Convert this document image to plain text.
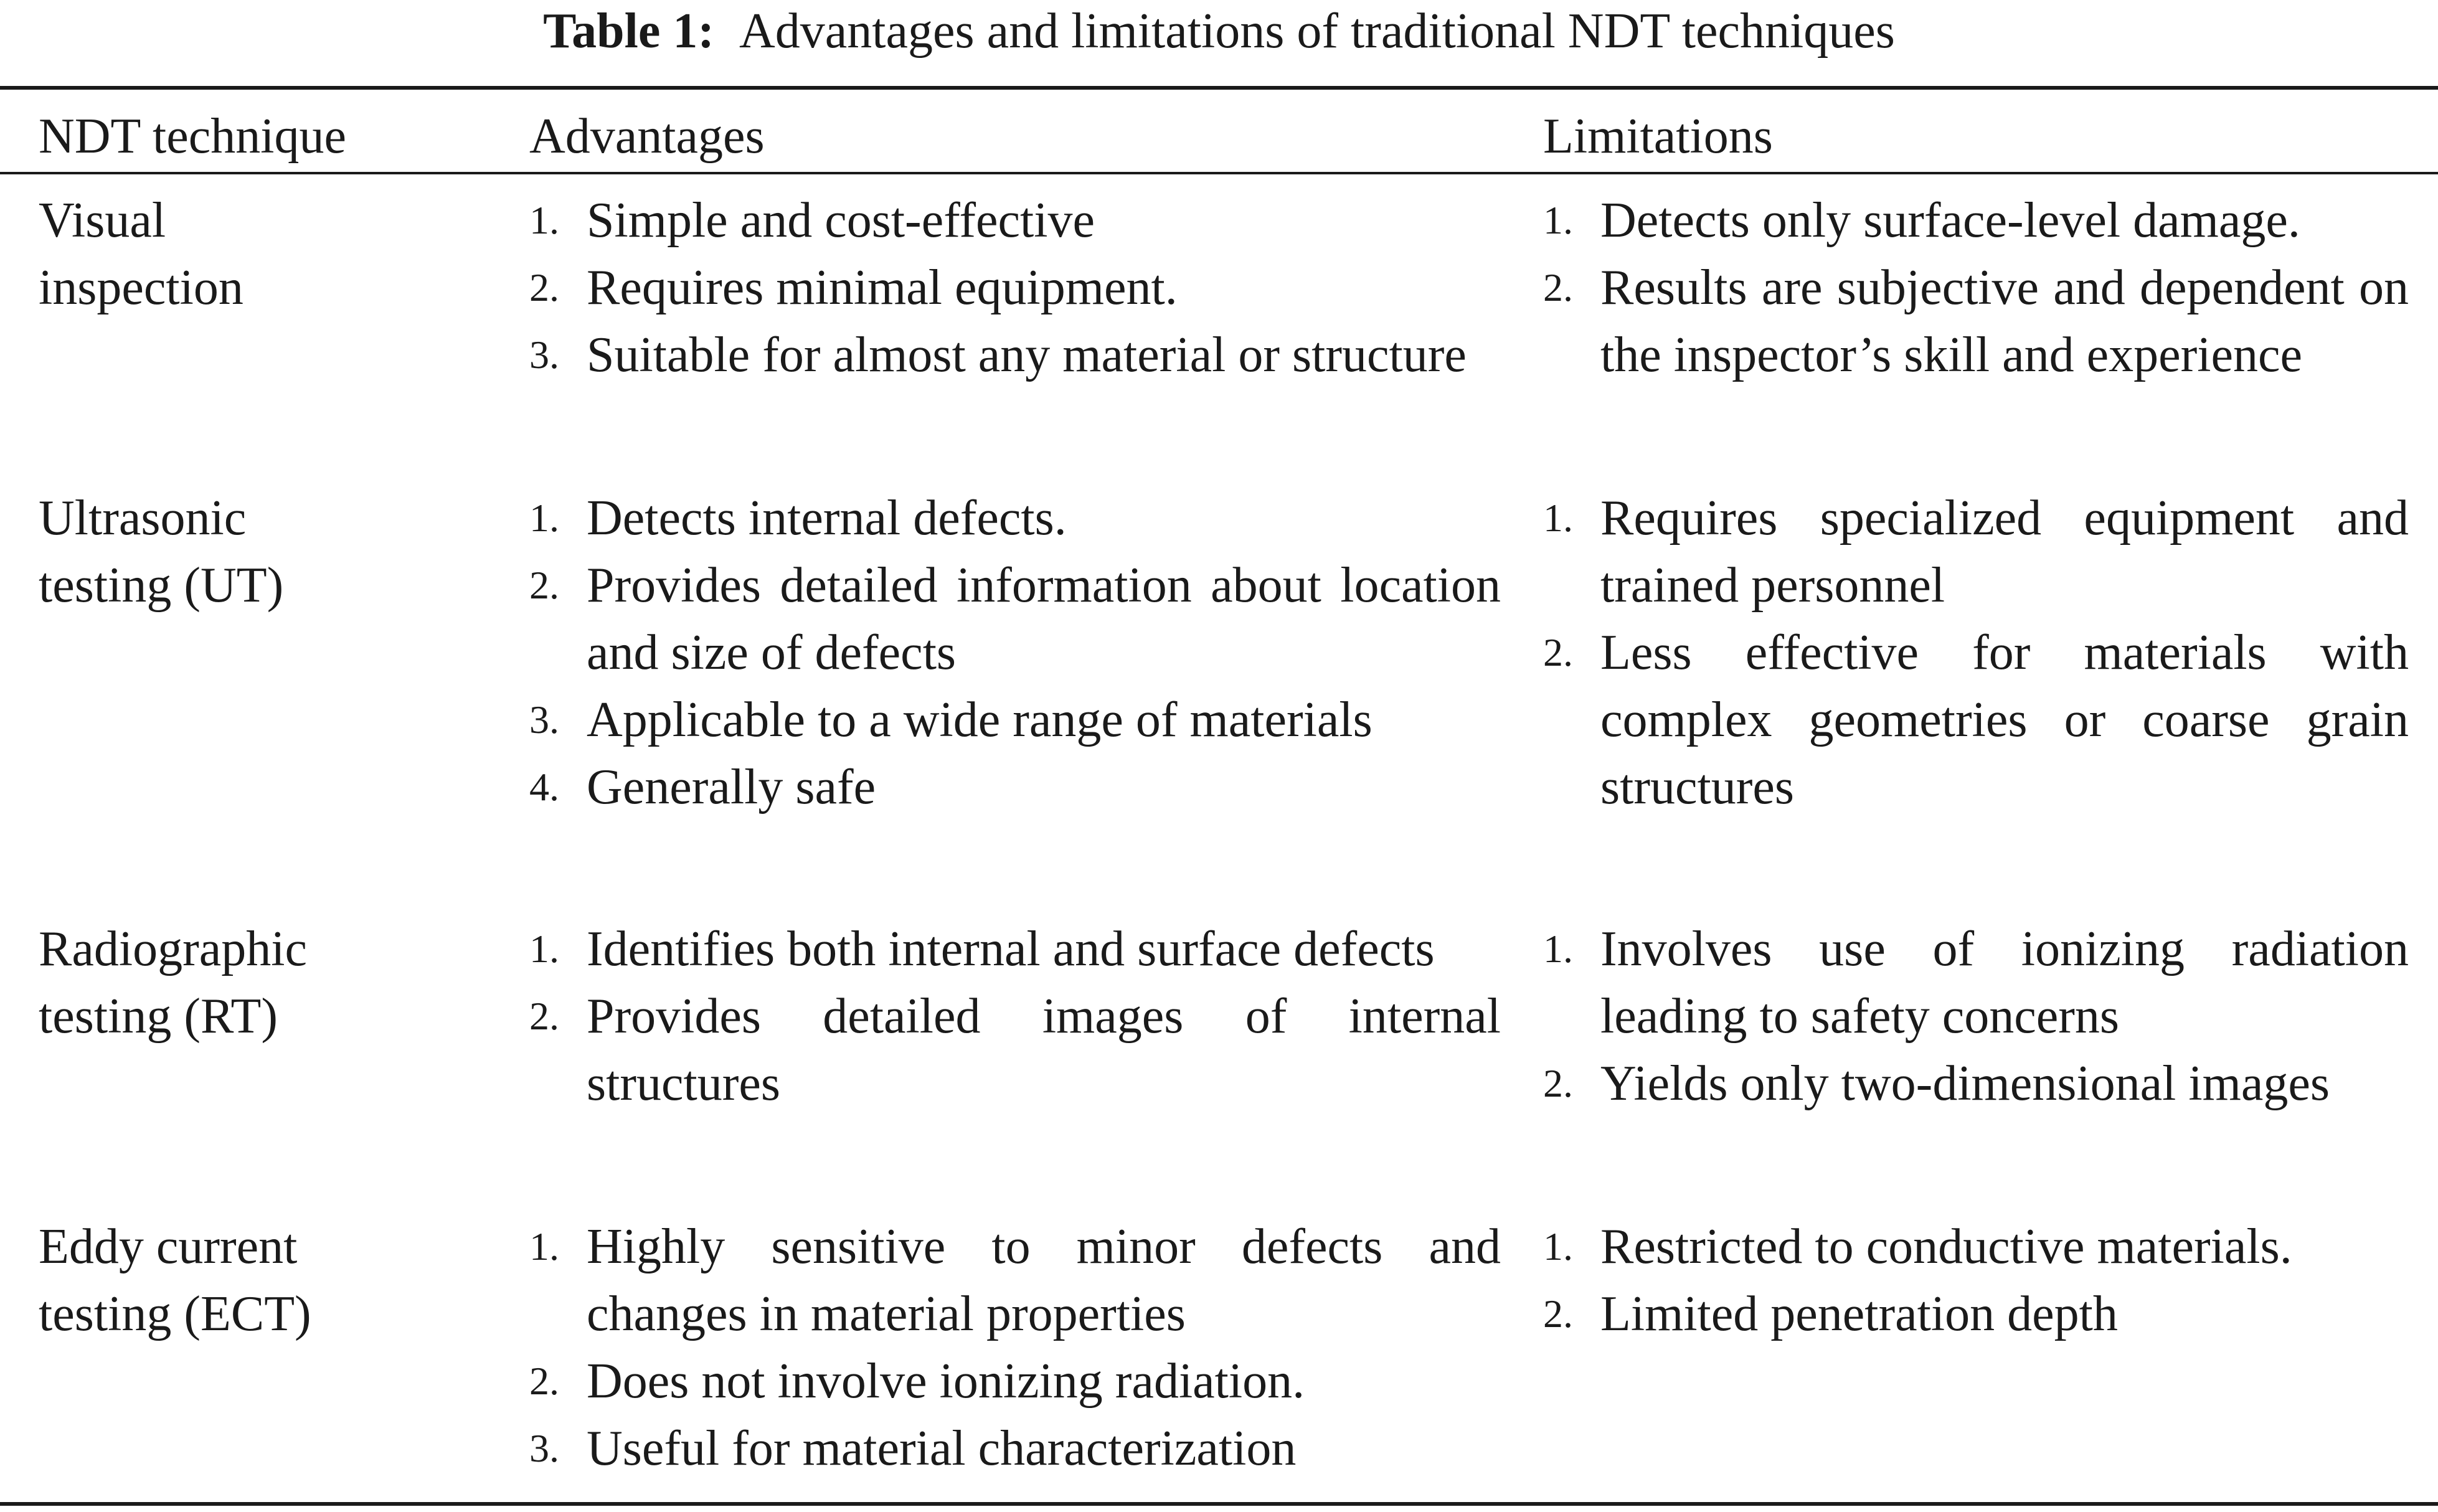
Table 1: Advantages and limitations of traditional NDT techniques
NDT technique	Advantages	Limitations
Visual
inspection
1. Simple and cost-effective
2. Requires minimal equipment.
3. Suitable for almost any material or structure
1. Detects only surface-level damage.
2. Results are subjective and dependent on the inspector’s skill and experience
Ultrasonic
testing (UT)
1. Detects internal defects.
2. Provides detailed information about location and size of defects
3. Applicable to a wide range of materials
4. Generally safe
1. Requires specialized equipment and trained personnel
2. Less effective for materials with complex geometries or coarse grain structures
Radiographic
testing (RT)
1. Identifies both internal and surface defects
2. Provides detailed images of internal structures
1. Involves use of ionizing radiation leading to safety concerns
2. Yields only two-dimensional images
Eddy current
testing (ECT)
1. Highly sensitive to minor defects and changes in material properties
2. Does not involve ionizing radiation.
3. Useful for material characterization
1. Restricted to conductive materials.
2. Limited penetration depth
